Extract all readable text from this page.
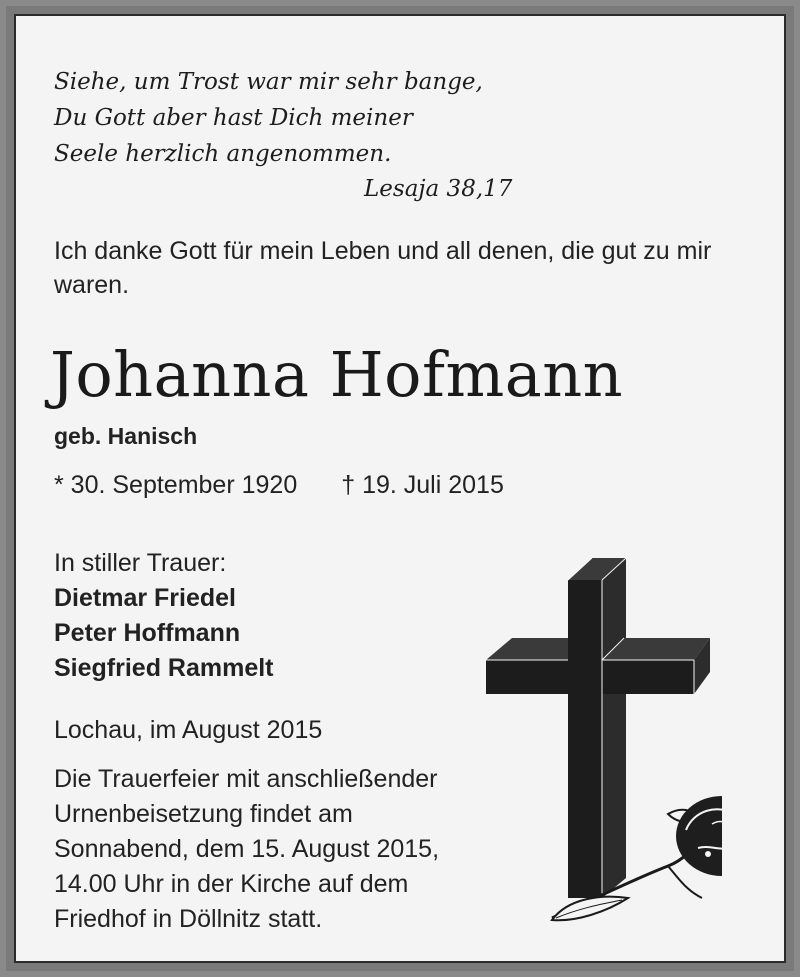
Siehe, um Trost war mir sehr bange,
Du Gott aber hast Dich meiner
Seele herzlich angenommen.
Lesaja 38,17
Ich danke Gott für mein Leben und all denen, die gut zu mir waren.
Johanna Hofmann
geb. Hanisch
* 30. September 1920 † 19. Juli 2015
In stiller Trauer:
Dietmar Friedel
Peter Hoffmann
Siegfried Rammelt
Lochau, im August 2015
Die Trauerfeier mit anschließender
Urnenbeisetzung findet am
Sonnabend, dem 15. August 2015,
14.00 Uhr in der Kirche auf dem
Friedhof in Döllnitz statt.
